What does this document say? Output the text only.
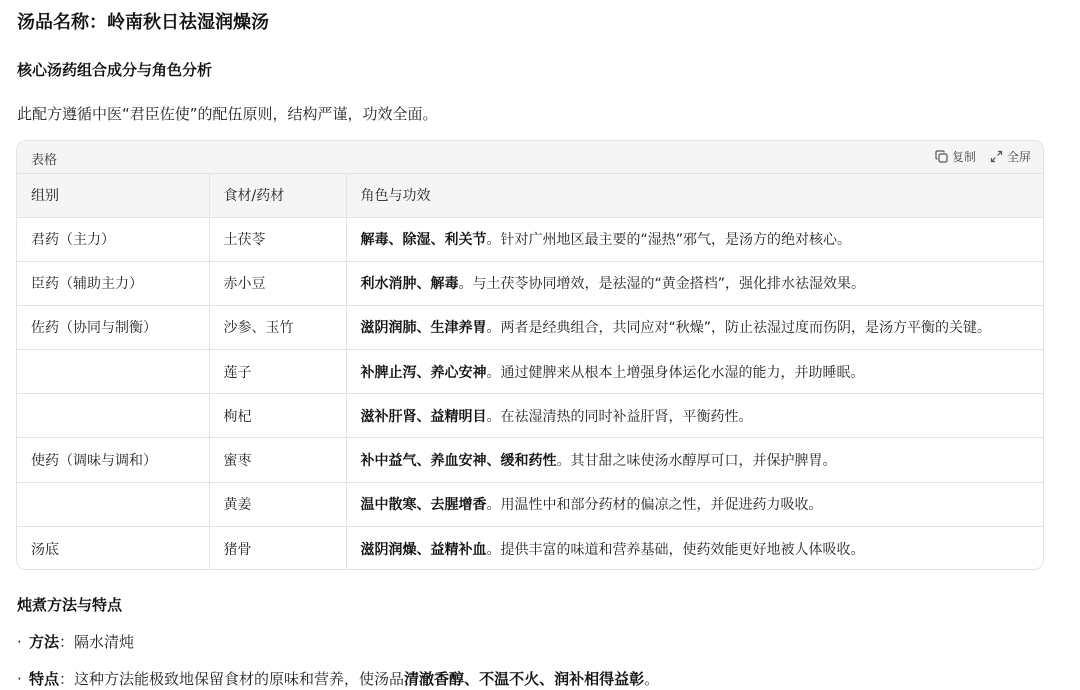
汤品名称：岭南秋日祛湿润燥汤
核心汤药组合成分与角色分析
此配方遵循中医“君臣佐使”的配伍原则，结构严谨，功效全面。
表格	复制	全屏
组别	食材/药材	角色与功效
君药（主力）	土茯苓	解毒、除湿、利关节。针对广州地区最主要的“湿热”邪气，是汤方的绝对核心。
臣药（辅助主力）	赤小豆	利水消肿、解毒。与土茯苓协同增效，是祛湿的“黄金搭档”，强化排水祛湿效果。
佐药（协同与制衡）	沙参、玉竹	滋阴润肺、生津养胃。两者是经典组合，共同应对“秋燥”，防止祛湿过度而伤阴，是汤方平衡的关键。
	莲子	补脾止泻、养心安神。通过健脾来从根本上增强身体运化水湿的能力，并助睡眠。
	枸杞	滋补肝肾、益精明目。在祛湿清热的同时补益肝肾，平衡药性。
使药（调味与调和）	蜜枣	补中益气、养血安神、缓和药性。其甘甜之味使汤水醇厚可口，并保护脾胃。
	黄姜	温中散寒、去腥增香。用温性中和部分药材的偏凉之性，并促进药力吸收。
汤底	猪骨	滋阴润燥、益精补血。提供丰富的味道和营养基础，使药效能更好地被人体吸收。
炖煮方法与特点
· 方法 ： 隔水清炖
· 特点 ： 这种方法能极致地保留食材的原味和营养，使汤品 清澈香醇 、 不温不火 、 润补相得益彰 。
